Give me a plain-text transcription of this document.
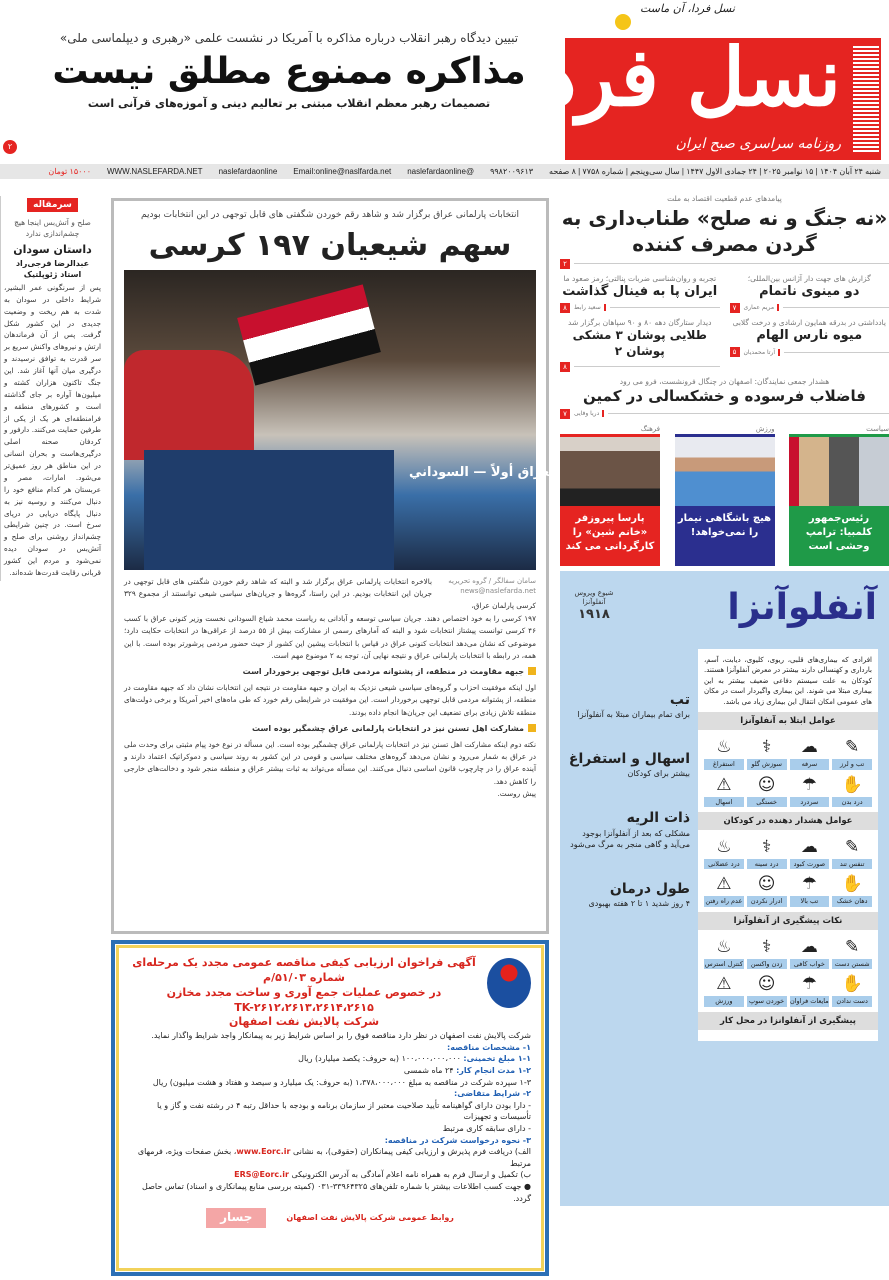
نسل فردا، آن ماست
نسل فردا
روزنامه سراسری صبح ایران
تبیین دیدگاه رهبر انقلاب درباره مذاکره با آمریکا در نشست علمی «رهبری و دیپلماسی ملی»
مذاکره ممنوع مطلق نیست
تصمیمات رهبر معظم انقلاب مبتنی بر تعالیم دینی و آموزه‌های قرآنی است
۲
شنبه ۲۴ آبان ۱۴۰۴ | ۱۵ نوامبر ۲۰۲۵ | ۲۴ جمادی الاول ۱۴۴۷ | سال سی‌وپنجم | شماره ۷۷۵۸ | ۸ صفحه
۹۹۸۲۰۰۹۶۱۳
@naslefardaonline
Email:online@naslfarda.net
naslefardaonline
WWW.NASLEFARDA.NET
۱۵۰۰۰ تومان
سرمقاله
صلح و آتش‌بس اینجا هیچ چشم‌اندازی ندارد
داستان سودان
عبدالرضا فرجی‌راد
استاد ژئوپلتیک
پس از سرنگونی عمر البشیر، شرایط داخلی در سودان به شدت به هم ریخت و وضعیت جدیدی در این کشور شکل گرفت. پس از آن فرماندهان ارتش و نیروهای واکنش سریع بر سر قدرت به توافق نرسیدند و درگیری میان آنها آغاز شد. این جنگ تاکنون هزاران کشته و میلیون‌ها آواره بر جای گذاشته است و کشورهای منطقه و فرامنطقه‌ای هر یک از یکی از طرفین حمایت می‌کنند. دارفور و کردفان صحنه اصلی درگیری‌هاست و بحران انسانی در این مناطق هر روز عمیق‌تر می‌شود. امارات، مصر و عربستان هر کدام منافع خود را دنبال می‌کنند و روسیه نیز به دنبال پایگاه دریایی در دریای سرخ است. در چنین شرایطی چشم‌انداز روشنی برای صلح و آتش‌بس در سودان دیده نمی‌شود و مردم این کشور قربانی رقابت قدرت‌ها شده‌اند.
انتخابات پارلمانی عراق برگزار شد و شاهد رقم خوردن شگفتی های قابل توجهی در این انتخابات بودیم
سهم شیعیان ۱۹۷ کرسی
العراق أولاً — السوداني
سامان سفالگر / گروه تحریریه
news@naslefarda.net

بالاخره انتخابات پارلمانی عراق برگزار شد و البته که شاهد رقم خوردن شگفتی های قابل توجهی در جریان این انتخابات بودیم. در این راستا، گروه‌ها و جریان‌های سیاسی شیعی توانستند از مجموع ۳۲۹ کرسی پارلمان عراق،

۱۹۷ کرسی را به خود اختصاص دهند. جریان سیاسی توسعه و آبادانی به ریاست محمد شیاع السودانی نخست وزیر کنونی عراق با کسب ۴۶ کرسی توانست پیشتاز انتخابات شود و البته که آمارهای رسمی از مشارکت بیش از ۵۵ درصد از عراقی‌ها در انتخابات حکایت دارد؛ موضوعی که نشان می‌دهد انتخابات کنونی عراق در قیاس با انتخابات پیشین این کشور از حیث حضور مردمی پرشورتر بوده است. با این همه، در رابطه با انتخابات پارلمانی عراق و نتیجه نهایی آن، توجه به ۲ موضوع مهم است.

جبهه مقاومت در منطقه، از پشتوانه مردمی قابل توجهی برخوردار است

اول اینکه موفقیت احزاب و گروه‌های سیاسی شیعی نزدیک به ایران و جبهه مقاومت در نتیجه این انتخابات نشان داد که جبهه مقاومت در منطقه، از پشتوانه مردمی قابل توجهی برخوردار است. این موفقیت در شرایطی رقم خورد که طی ماه‌های اخیر آمریکا و برخی دولت‌های منطقه تلاش زیادی برای تضعیف این جریان‌ها انجام داده بودند.

مشارکت اهل تسنن نیز در انتخابات پارلمانی عراق چشمگیر بوده است

نکته دوم اینکه مشارکت اهل تسنن نیز در انتخابات پارلمانی عراق چشمگیر بوده است. این مسأله در نوع خود پیام مثبتی برای وحدت ملی در عراق به شمار می‌رود و نشان می‌دهد گروه‌های مختلف سیاسی و قومی در این کشور به روند سیاسی و دموکراتیک اعتماد دارند و آینده عراق را در چارچوب قانون اساسی دنبال می‌کنند. این مسأله می‌تواند به ثبات بیشتر عراق و منطقه منجر شود و دخالت‌های خارجی را کاهش دهد.

پیش روست.

آگهی فراخوان ارزیابی کیفی مناقصه عمومی مجدد یک مرحله‌ای شماره ۵۱/۰۳/م
در خصوص عملیات جمع آوری و ساخت مجدد مخازن TK-۲۶۱۲،۲۶۱۳،۲۶۱۴،۲۶۱۵
شرکت پالایش نفت اصفهان
شرکت پالایش نفت اصفهان در نظر دارد مناقصه فوق را بر اساس شرایط زیر به پیمانکار واجد شرایط واگذار نماید.
۱- مشخصات مناقصه:
۱-۱ مبلغ تخمینی: ۱۰۰،۰۰۰،۰۰۰،۰۰۰ (به حروف: یکصد میلیارد) ریال
۱-۲ مدت انجام کار: ۲۴ ماه شمسی
۱-۳ سپرده شرکت در مناقصه به مبلغ ۱،۳۷۸،۰۰۰،۰۰۰ (به حروف: یک میلیارد و سیصد و هفتاد و هشت میلیون) ریال
۲- شرایط متقاضی:
- دارا بودن دارای گواهینامه تأیید صلاحیت معتبر از سازمان برنامه و بودجه با حداقل رتبه ۴ در رشته نفت و گاز و یا تأسیسات و تجهیزات
- دارای سابقه کاری مرتبط
۳- نحوه درخواست شرکت در مناقصه:
الف) دریافت فرم پذیرش و ارزیابی کیفی پیمانکاران (حقوقی)، به نشانی www.Eorc.ir، بخش صفحات ویژه، فرمهای مرتبط
ب) تکمیل و ارسال فرم به همراه نامه اعلام آمادگی به آدرس الکترونیکی ERS@Eorc.ir
● جهت کسب اطلاعات بیشتر با شماره تلفن‌های ۳۳۹۶۴۳۲۵-۰۳۱ (کمیته بررسی منابع پیمانکاری و اسناد) تماس حاصل گردد.
روابط عمومی شرکت پالایش نفت اصفهان
جسار
پیامدهای عدم قطعیت اقتصاد به ملت
«نه جنگ و نه صلح» طناب‌داری به گردن مصرف کننده
۲
گزارش های جهت دار آژانس بین‌المللی؛
دو مینوی ناتمام
مریم عماری
۷
تجربه و روان‌شناسی ضربات پنالتی؛ رمز صعود ما
ایران پا به فینال گذاشت
سعید رابط
۸
یادداشتی در بدرقه همایون ارشادی و درخت گلابی
میوه نارس الهام
آرتا محمدیان
۵
دیدار ستارگان دهه ۸۰ و ۹۰ سپاهان برگزار شد
طلایی پوشان ۳ مشکی پوشان ۲
۸
هشدار جمعی نمایندگان: اصفهان در چنگال فرونشست، فرو می رود
فاضلاب فرسوده و خشکسالی در کمین
دریا وفایی
۷
سیاست
رئیس‌جمهور کلمبیا: ترامپ وحشی است
ورزش
هیچ باشگاهی نیمار را نمی‌خواهد!
فرهنگ
پارسا پیروزفر «خانم شین» را کارگردانی می کند
آنفلوآنزا
شیوع ویروس آنفلوآنزا
۱۹۱۸
تب
برای تمام بیماران مبتلا به آنفلوآنزا
اسهال و استفراغ
بیشتر برای کودکان
ذات الریه
مشکلی که بعد از آنفلوآنزا بوجود می‌آید و گاهی منجر به مرگ می‌شود
طول درمان
۴ روز شدید ۱ تا ۲ هفته بهبودی
افرادی که بیماری‌های قلبی، ریوی، کلیوی، دیابت، آسم، بارداری و کهنسالی دارند بیشتر در معرض آنفلوآنزا هستند. کودکان به علت سیستم دفاعی ضعیف بیشتر به این بیماری مبتلا می شوند. این بیماری واگیردار است در مکان های عمومی امکان انتقال این بیماری زیاد می باشد.
عوامل ابتلا به آنفلوآنزا
✎
تب و لرز
☁
سرفه
⚕
سوزش گلو
♨
استفراغ
✋
درد بدن
☂
سردرد
☺
خستگی
⚠
اسهال
عوامل هشدار دهنده در کودکان
✎
تنفس تند
☁
صورت کبود
⚕
درد سینه
♨
درد عضلانی
✋
دهان خشک
☂
تب بالا
☺
ادرار نکردن
⚠
عدم راه رفتن
نکات پیشگیری از آنفلوآنزا
✎
شستن دست
☁
خواب کافی
⚕
زدن واکسن
♨
کنترل استرس
✋
دست ندادن
☂
مایعات فراوان
☺
خوردن سوپ
⚠
ورزش
پیشگیری از آنفلوانزا در محل کار
